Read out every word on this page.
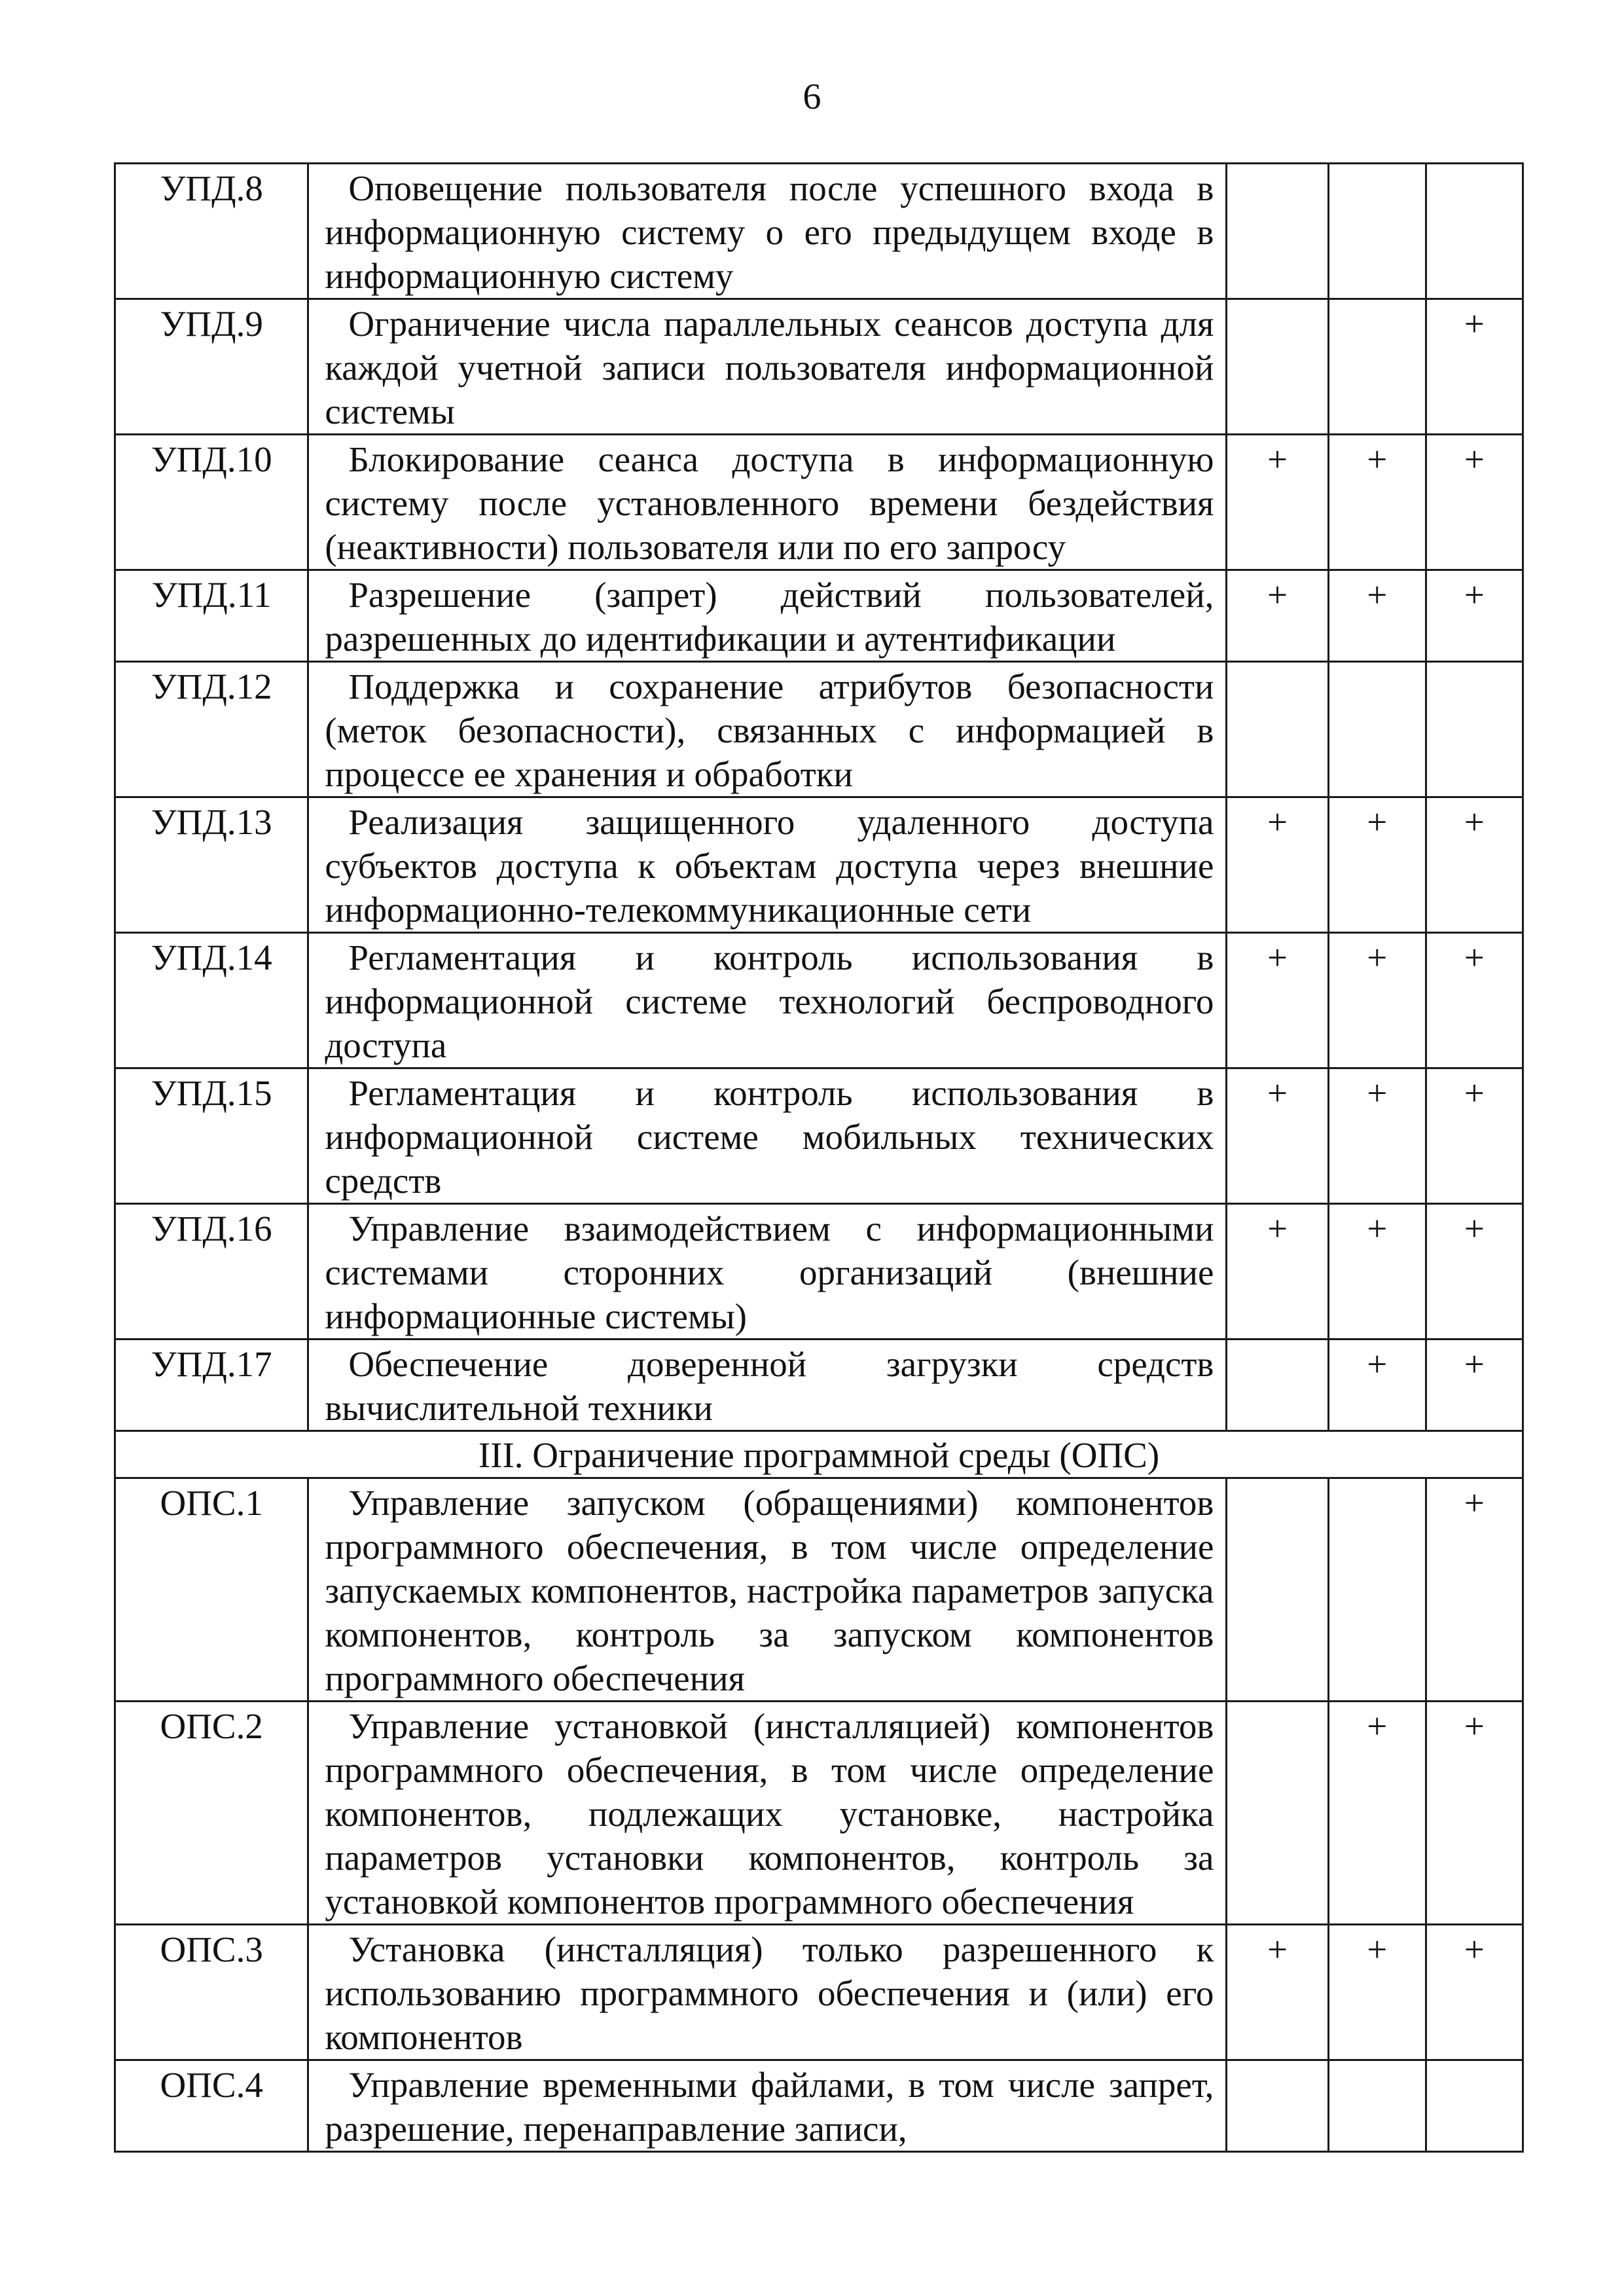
6
УПД.8	Оповещение пользователя после успешного входа в информационную систему о его предыдущем входе в информационную систему			
УПД.9	Ограничение числа параллельных сеансов доступа для каждой учетной записи пользователя информационной системы			+
УПД.10	Блокирование сеанса доступа в информационную систему после установленного времени бездействия (неактивности) пользователя или по его запросу	+	+	+
УПД.11	Разрешение (запрет) действий пользователей, разрешенных до идентификации и аутентификации	+	+	+
УПД.12	Поддержка и сохранение атрибутов безопасности (меток безопасности), связанных с информацией в процессе ее хранения и обработки			
УПД.13	Реализация защищенного удаленного доступа субъектов доступа к объектам доступа через внешние информационно-телекоммуникационные сети	+	+	+
УПД.14	Регламентация и контроль использования в информационной системе технологий беспроводного доступа	+	+	+
УПД.15	Регламентация и контроль использования в информационной системе мобильных технических средств	+	+	+
УПД.16	Управление взаимодействием с информационными системами сторонних организаций (внешние информационные системы)	+	+	+
УПД.17	Обеспечение доверенной загрузки средств вычислительной техники		+	+
III. Ограничение программной среды (ОПС)				
ОПС.1	Управление запуском (обращениями) компонентов программного обеспечения, в том числе определение запускаемых компонентов, настройка параметров запуска компонентов, контроль за запуском компонентов программного обеспечения			+
ОПС.2	Управление установкой (инсталляцией) компонентов программного обеспечения, в том числе определение компонентов, подлежащих установке, настройка параметров установки компонентов, контроль за установкой компонентов программного обеспечения		+	+
ОПС.3	Установка (инсталляция) только разрешенного к использованию программного обеспечения и (или) его компонентов	+	+	+
ОПС.4	Управление временными файлами, в том числе запрет, разрешение, перенаправление записи,			
